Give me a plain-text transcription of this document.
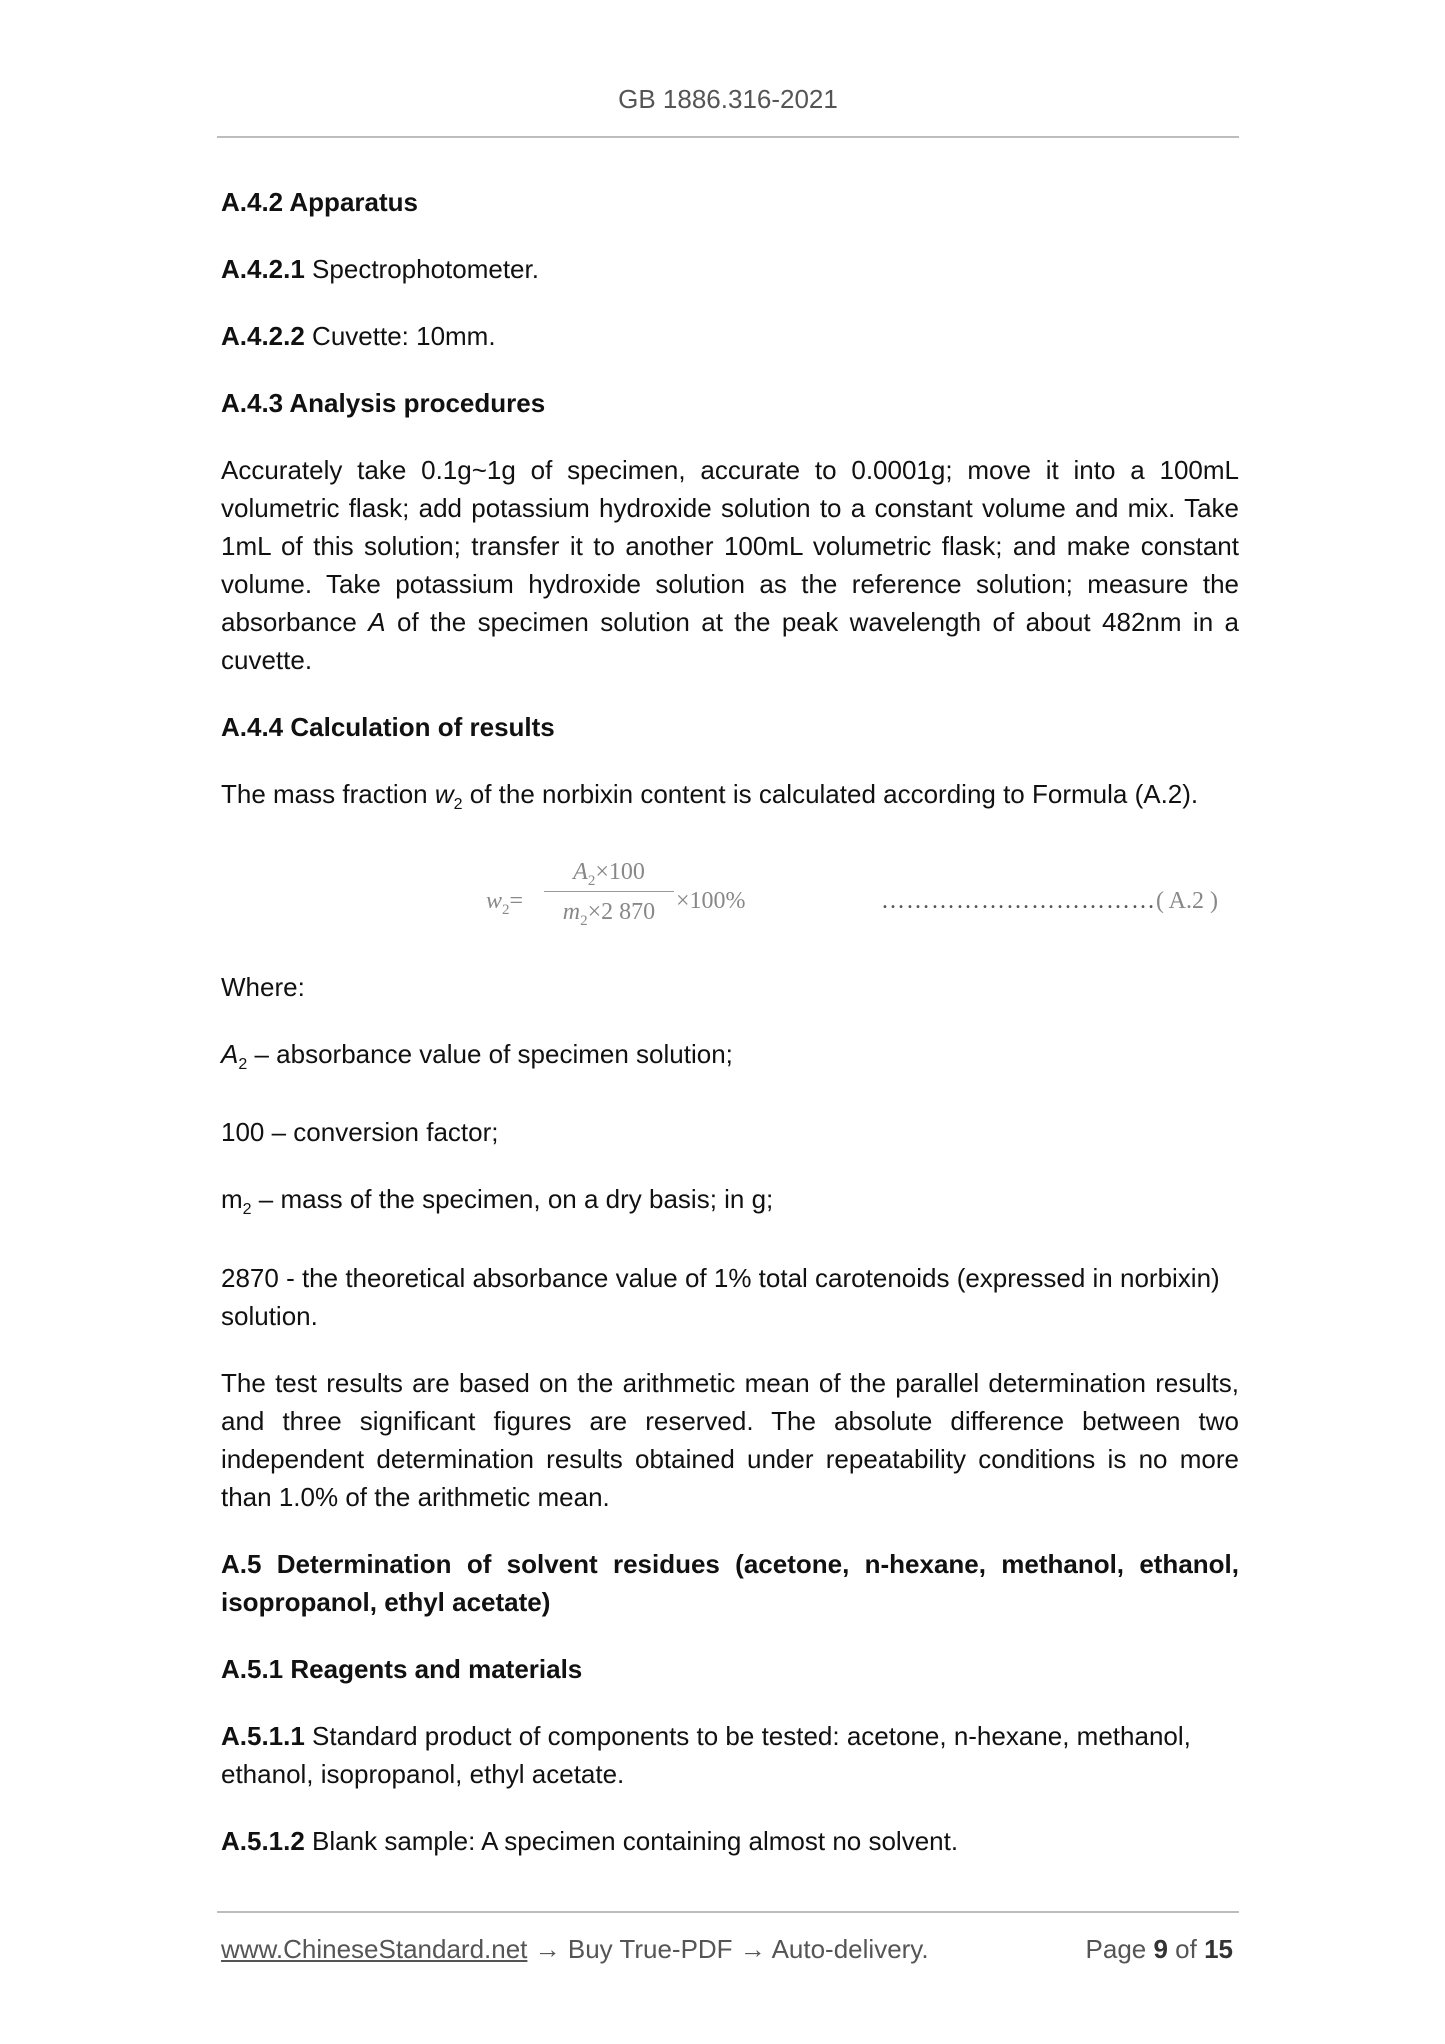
GB 1886.316-2021

A.4.2 Apparatus

A.4.2.1 Spectrophotometer.

A.4.2.2 Cuvette: 10mm.

A.4.3 Analysis procedures

Accurately take 0.1g~1g of specimen, accurate to 0.0001g; move it into a 100mL volumetric flask; add potassium hydroxide solution to a constant volume and mix. Take 1mL of this solution; transfer it to another 100mL volumetric flask; and make constant volume. Take potassium hydroxide solution as the reference solution; measure the absorbance A of the specimen solution at the peak wavelength of about 482nm in a cuvette.

A.4.4 Calculation of results

The mass fraction $w_2$ of the norbixin content is calculated according to Formula (A.2).

$w_2= \frac{A_2\times 100}{m_2\times 2 870} \times 100\%$	……………………………( A.2 )

Where:

$A_2$ – absorbance value of specimen solution;

100 – conversion factor;

$m_2$ – mass of the specimen, on a dry basis; in g;

2870 - the theoretical absorbance value of 1% total carotenoids (expressed in norbixin) solution.

The test results are based on the arithmetic mean of the parallel determination results, and three significant figures are reserved. The absolute difference between two independent determination results obtained under repeatability conditions is no more than 1.0% of the arithmetic mean.

A.5 Determination of solvent residues (acetone, n-hexane, methanol, ethanol, isopropanol, ethyl acetate)

A.5.1 Reagents and materials

A.5.1.1 Standard product of components to be tested: acetone, n-hexane, methanol, ethanol, isopropanol, ethyl acetate.

A.5.1.2 Blank sample: A specimen containing almost no solvent.

www.ChineseStandard.net → Buy True-PDF → Auto-delivery.	Page 9 of 15
